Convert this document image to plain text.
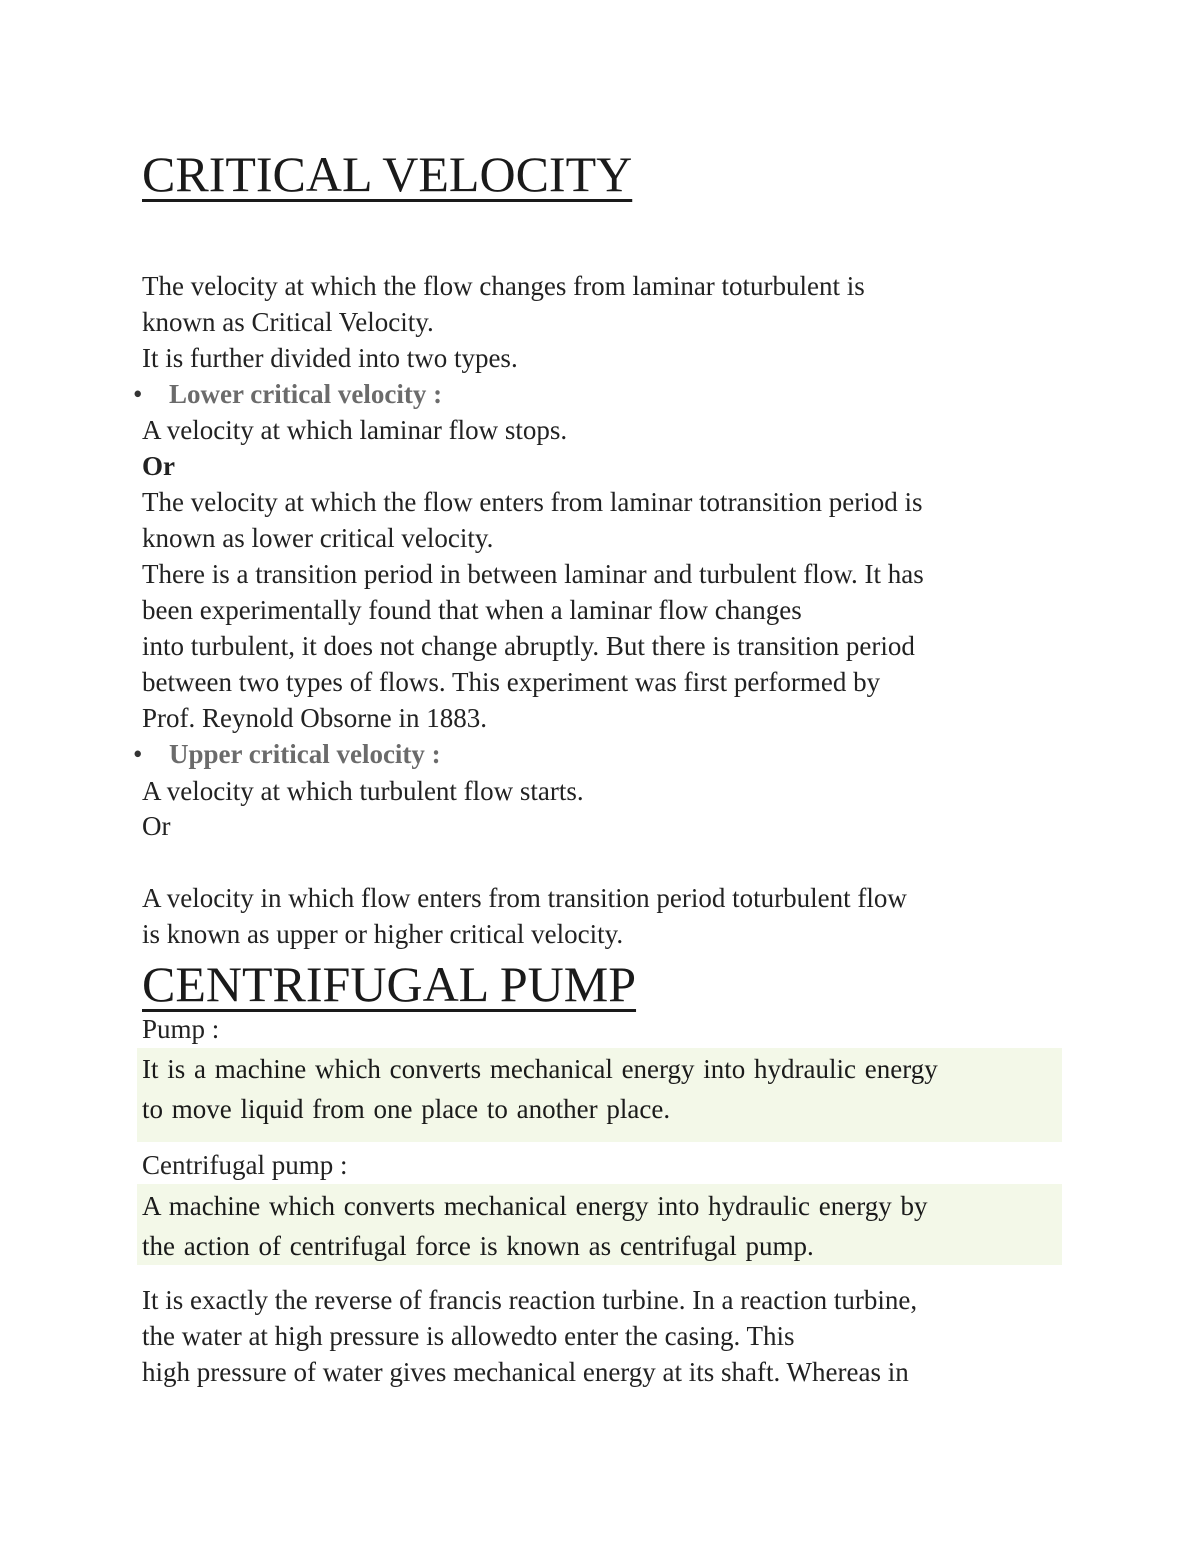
CRITICAL VELOCITY
The velocity at which the flow changes from laminar toturbulent is
known as Critical Velocity.
It is further divided into two types.
• Lower critical velocity :
A velocity at which laminar flow stops.
Or
The velocity at which the flow enters from laminar totransition period is
known as lower critical velocity.
There is a transition period in between laminar and turbulent flow. It has
been experimentally found that when a laminar flow changes
into turbulent, it does not change abruptly. But there is transition period
between two types of flows. This experiment was first performed by
Prof. Reynold Obsorne in 1883.
• Upper critical velocity :
A velocity at which turbulent flow starts.
Or
A velocity in which flow enters from transition period toturbulent flow
is known as upper or higher critical velocity.
CENTRIFUGAL PUMP
Pump :
It is a machine which converts mechanical energy into hydraulic energy
to move liquid from one place to another place.
Centrifugal pump :
A machine which converts mechanical energy into hydraulic energy by
the action of centrifugal force is known as centrifugal pump.
It is exactly the reverse of francis reaction turbine. In a reaction turbine,
the water at high pressure is allowedto enter the casing. This
high pressure of water gives mechanical energy at its shaft. Whereas in
